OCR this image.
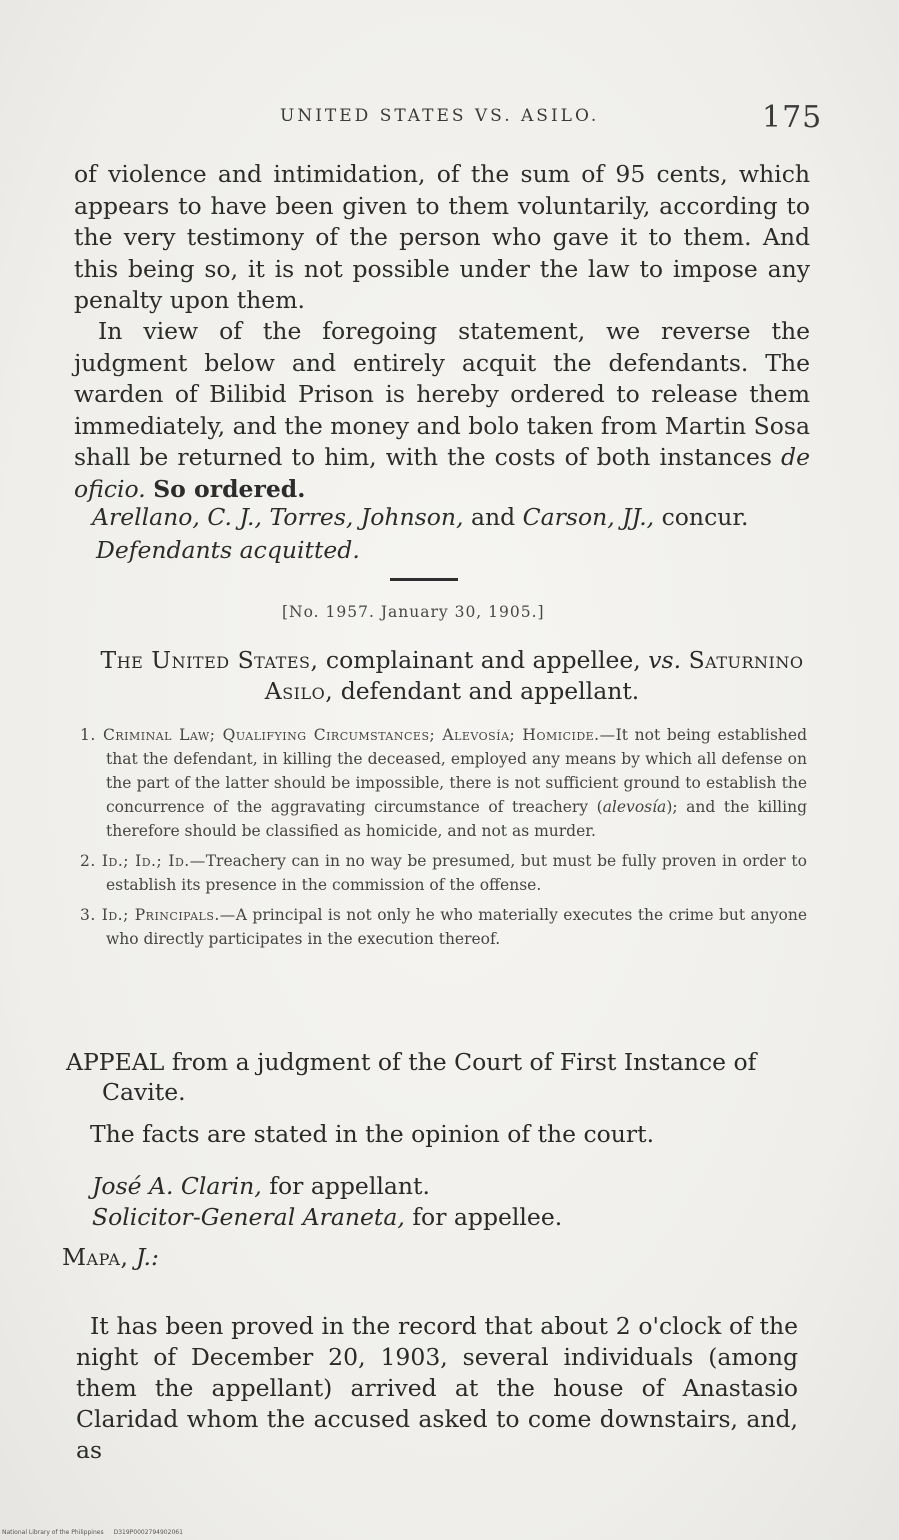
UNITED STATES VS. ASILO.	175

of violence and intimidation, of the sum of 95 cents, which appears to have been given to them voluntarily, according to the very testimony of the person who gave it to them. And this being so, it is not possible under the law to impose any penalty upon them.

In view of the foregoing statement, we reverse the judgment below and entirely acquit the defendants. The warden of Bilibid Prison is hereby ordered to release them immediately, and the money and bolo taken from Martin Sosa shall be returned to him, with the costs of both instances de oficio. So ordered.

Arellano, C. J., Torres, Johnson, and Carson, JJ., concur.
Defendants acquitted.
[No. 1957. January 30, 1905.]
The United States, complainant and appellee, vs. Saturnino Asilo, defendant and appellant.

1. Criminal Law; Qualifying Circumstances; Alevosía; Homicide.—It not being established that the defendant, in killing the deceased, employed any means by which all defense on the part of the latter should be impossible, there is not sufficient ground to establish the concurrence of the aggravating circumstance of treachery (alevosía); and the killing therefore should be classified as homicide, and not as murder.

2. Id.; Id.; Id.—Treachery can in no way be presumed, but must be fully proven in order to establish its presence in the commission of the offense.

3. Id.; Principals.—A principal is not only he who materially executes the crime but anyone who directly participates in the execution thereof.

APPEAL from a judgment of the Court of First Instance of Cavite.
The facts are stated in the opinion of the court.
José A. Clarin, for appellant.
Solicitor-General Araneta, for appellee.
Mapa, J.:

It has been proved in the record that about 2 o'clock of the night of December 20, 1903, several individuals (among them the appellant) arrived at the house of Anastasio Claridad whom the accused asked to come downstairs, and, as

National Library of the Philippines D319P0002794902061
